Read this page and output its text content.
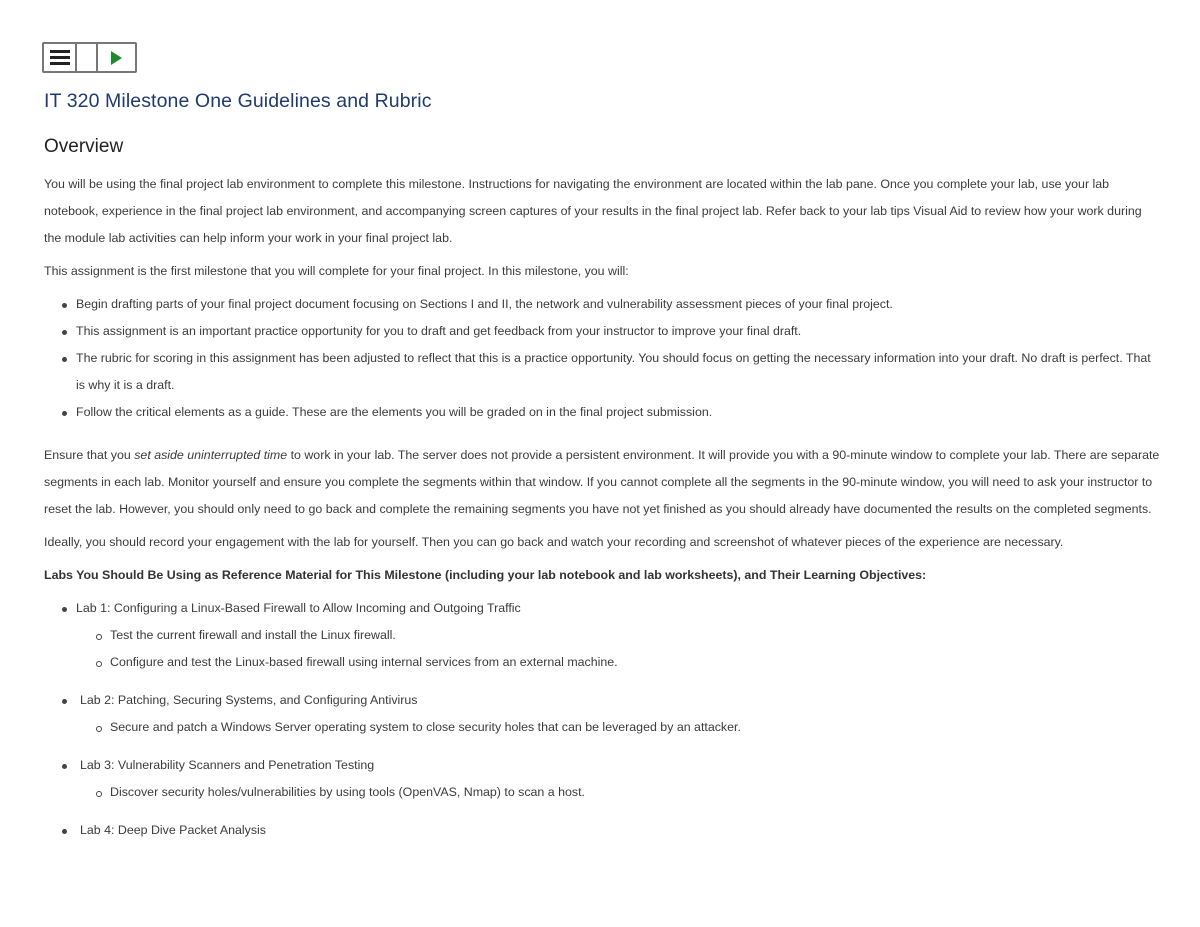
IT 320 Milestone One Guidelines and Rubric
Overview

You will be using the final project lab environment to complete this milestone. Instructions for navigating the environment are located within the lab pane. Once you complete your lab, use your lab notebook, experience in the final project lab environment, and accompanying screen captures of your results in the final project lab. Refer back to your lab tips Visual Aid to review how your work during the module lab activities can help inform your work in your final project lab.

This assignment is the first milestone that you will complete for your final project. In this milestone, you will:

Begin drafting parts of your final project document focusing on Sections I and II, the network and vulnerability assessment pieces of your final project.
This assignment is an important practice opportunity for you to draft and get feedback from your instructor to improve your final draft.
The rubric for scoring in this assignment has been adjusted to reflect that this is a practice opportunity. You should focus on getting the necessary information into your draft. No draft is perfect. That is why it is a draft.
Follow the critical elements as a guide. These are the elements you will be graded on in the final project submission.

Ensure that you set aside uninterrupted time to work in your lab. The server does not provide a persistent environment. It will provide you with a 90-minute window to complete your lab. There are separate segments in each lab. Monitor yourself and ensure you complete the segments within that window. If you cannot complete all the segments in the 90-minute window, you will need to ask your instructor to reset the lab. However, you should only need to go back and complete the remaining segments you have not yet finished as you should already have documented the results on the completed segments.

Ideally, you should record your engagement with the lab for yourself. Then you can go back and watch your recording and screenshot of whatever pieces of the experience are necessary.

Labs You Should Be Using as Reference Material for This Milestone (including your lab notebook and lab worksheets), and Their Learning Objectives:

Lab 1: Configuring a Linux-Based Firewall to Allow Incoming and Outgoing Traffic
Test the current firewall and install the Linux firewall.
Configure and test the Linux-based firewall using internal services from an external machine.
Lab 2: Patching, Securing Systems, and Configuring Antivirus
Secure and patch a Windows Server operating system to close security holes that can be leveraged by an attacker.
Lab 3: Vulnerability Scanners and Penetration Testing
Discover security holes/vulnerabilities by using tools (OpenVAS, Nmap) to scan a host.
Lab 4: Deep Dive Packet Analysis
